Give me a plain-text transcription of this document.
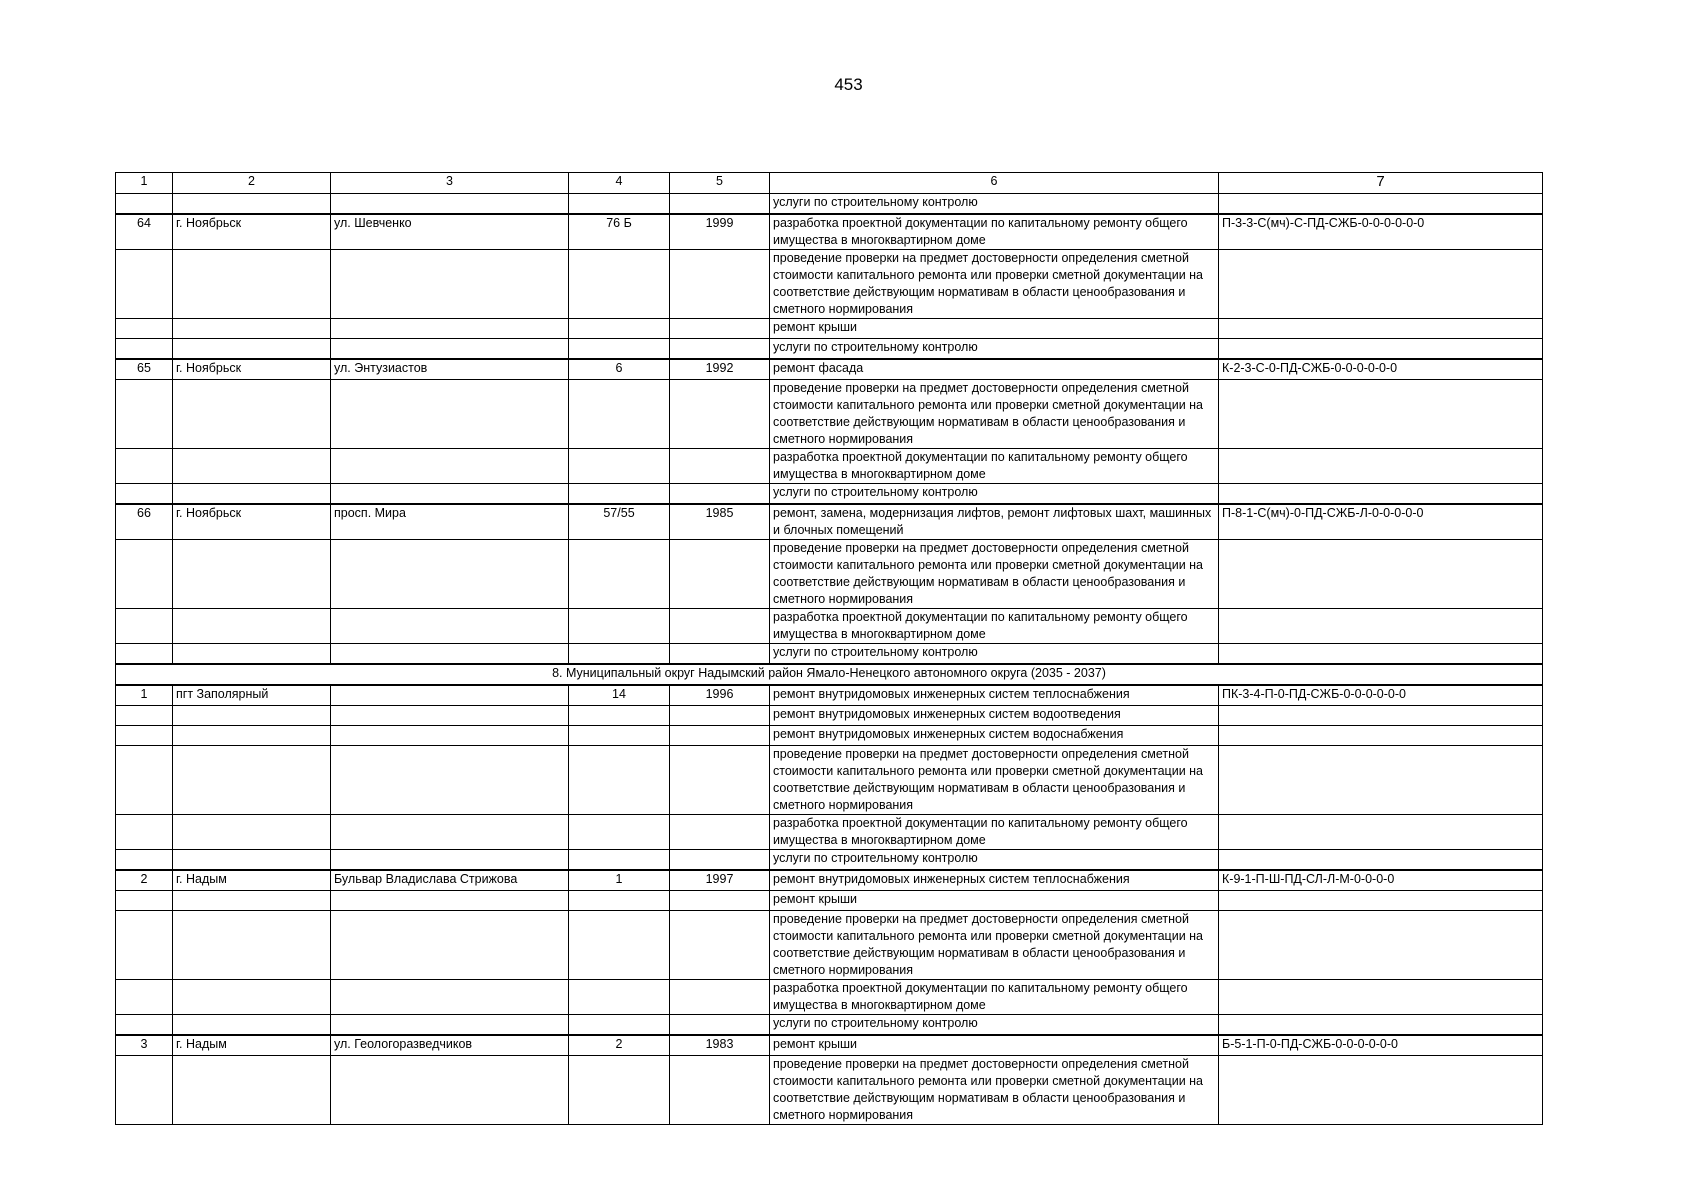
453
1	2	3	4	5	6	7
					услуги по строительному контролю	
64	г. Ноябрьск	ул. Шевченко	76 Б	1999	разработка проектной документации по капитальному ремонту общего имущества в многоквартирном доме	П-3-3-С(мч)-С-ПД-СЖБ-0-0-0-0-0-0
					проведение проверки на предмет достоверности определения сметной стоимости капитального ремонта или проверки сметной документации на соответствие действующим нормативам в области ценообразования и сметного нормирования	
					ремонт крыши	
					услуги по строительному контролю	
65	г. Ноябрьск	ул. Энтузиастов	6	1992	ремонт фасада	К-2-3-С-0-ПД-СЖБ-0-0-0-0-0-0
					проведение проверки на предмет достоверности определения сметной стоимости капитального ремонта или проверки сметной документации на соответствие действующим нормативам в области ценообразования и сметного нормирования	
					разработка проектной документации по капитальному ремонту общего имущества в многоквартирном доме	
					услуги по строительному контролю	
66	г. Ноябрьск	просп. Мира	57/55	1985	ремонт, замена, модернизация лифтов, ремонт лифтовых шахт, машинных и блочных помещений	П-8-1-С(мч)-0-ПД-СЖБ-Л-0-0-0-0-0
					проведение проверки на предмет достоверности определения сметной стоимости капитального ремонта или проверки сметной документации на соответствие действующим нормативам в области ценообразования и сметного нормирования	
					разработка проектной документации по капитальному ремонту общего имущества в многоквартирном доме	
					услуги по строительному контролю	
8. Муниципальный округ Надымский район Ямало-Ненецкого автономного округа (2035 - 2037)						
1	пгт Заполярный		14	1996	ремонт внутридомовых инженерных систем теплоснабжения	ПК-3-4-П-0-ПД-СЖБ-0-0-0-0-0-0
					ремонт внутридомовых инженерных систем водоотведения	
					ремонт внутридомовых инженерных систем водоснабжения	
					проведение проверки на предмет достоверности определения сметной стоимости капитального ремонта или проверки сметной документации на соответствие действующим нормативам в области ценообразования и сметного нормирования	
					разработка проектной документации по капитальному ремонту общего имущества в многоквартирном доме	
					услуги по строительному контролю	
2	г. Надым	Бульвар Владислава Стрижова	1	1997	ремонт внутридомовых инженерных систем теплоснабжения	К-9-1-П-Ш-ПД-СЛ-Л-М-0-0-0-0
					ремонт крыши	
					проведение проверки на предмет достоверности определения сметной стоимости капитального ремонта или проверки сметной документации на соответствие действующим нормативам в области ценообразования и сметного нормирования	
					разработка проектной документации по капитальному ремонту общего имущества в многоквартирном доме	
					услуги по строительному контролю	
3	г. Надым	ул. Геологоразведчиков	2	1983	ремонт крыши	Б-5-1-П-0-ПД-СЖБ-0-0-0-0-0-0
					проведение проверки на предмет достоверности определения сметной стоимости капитального ремонта или проверки сметной документации на соответствие действующим нормативам в области ценообразования и сметного нормирования	
